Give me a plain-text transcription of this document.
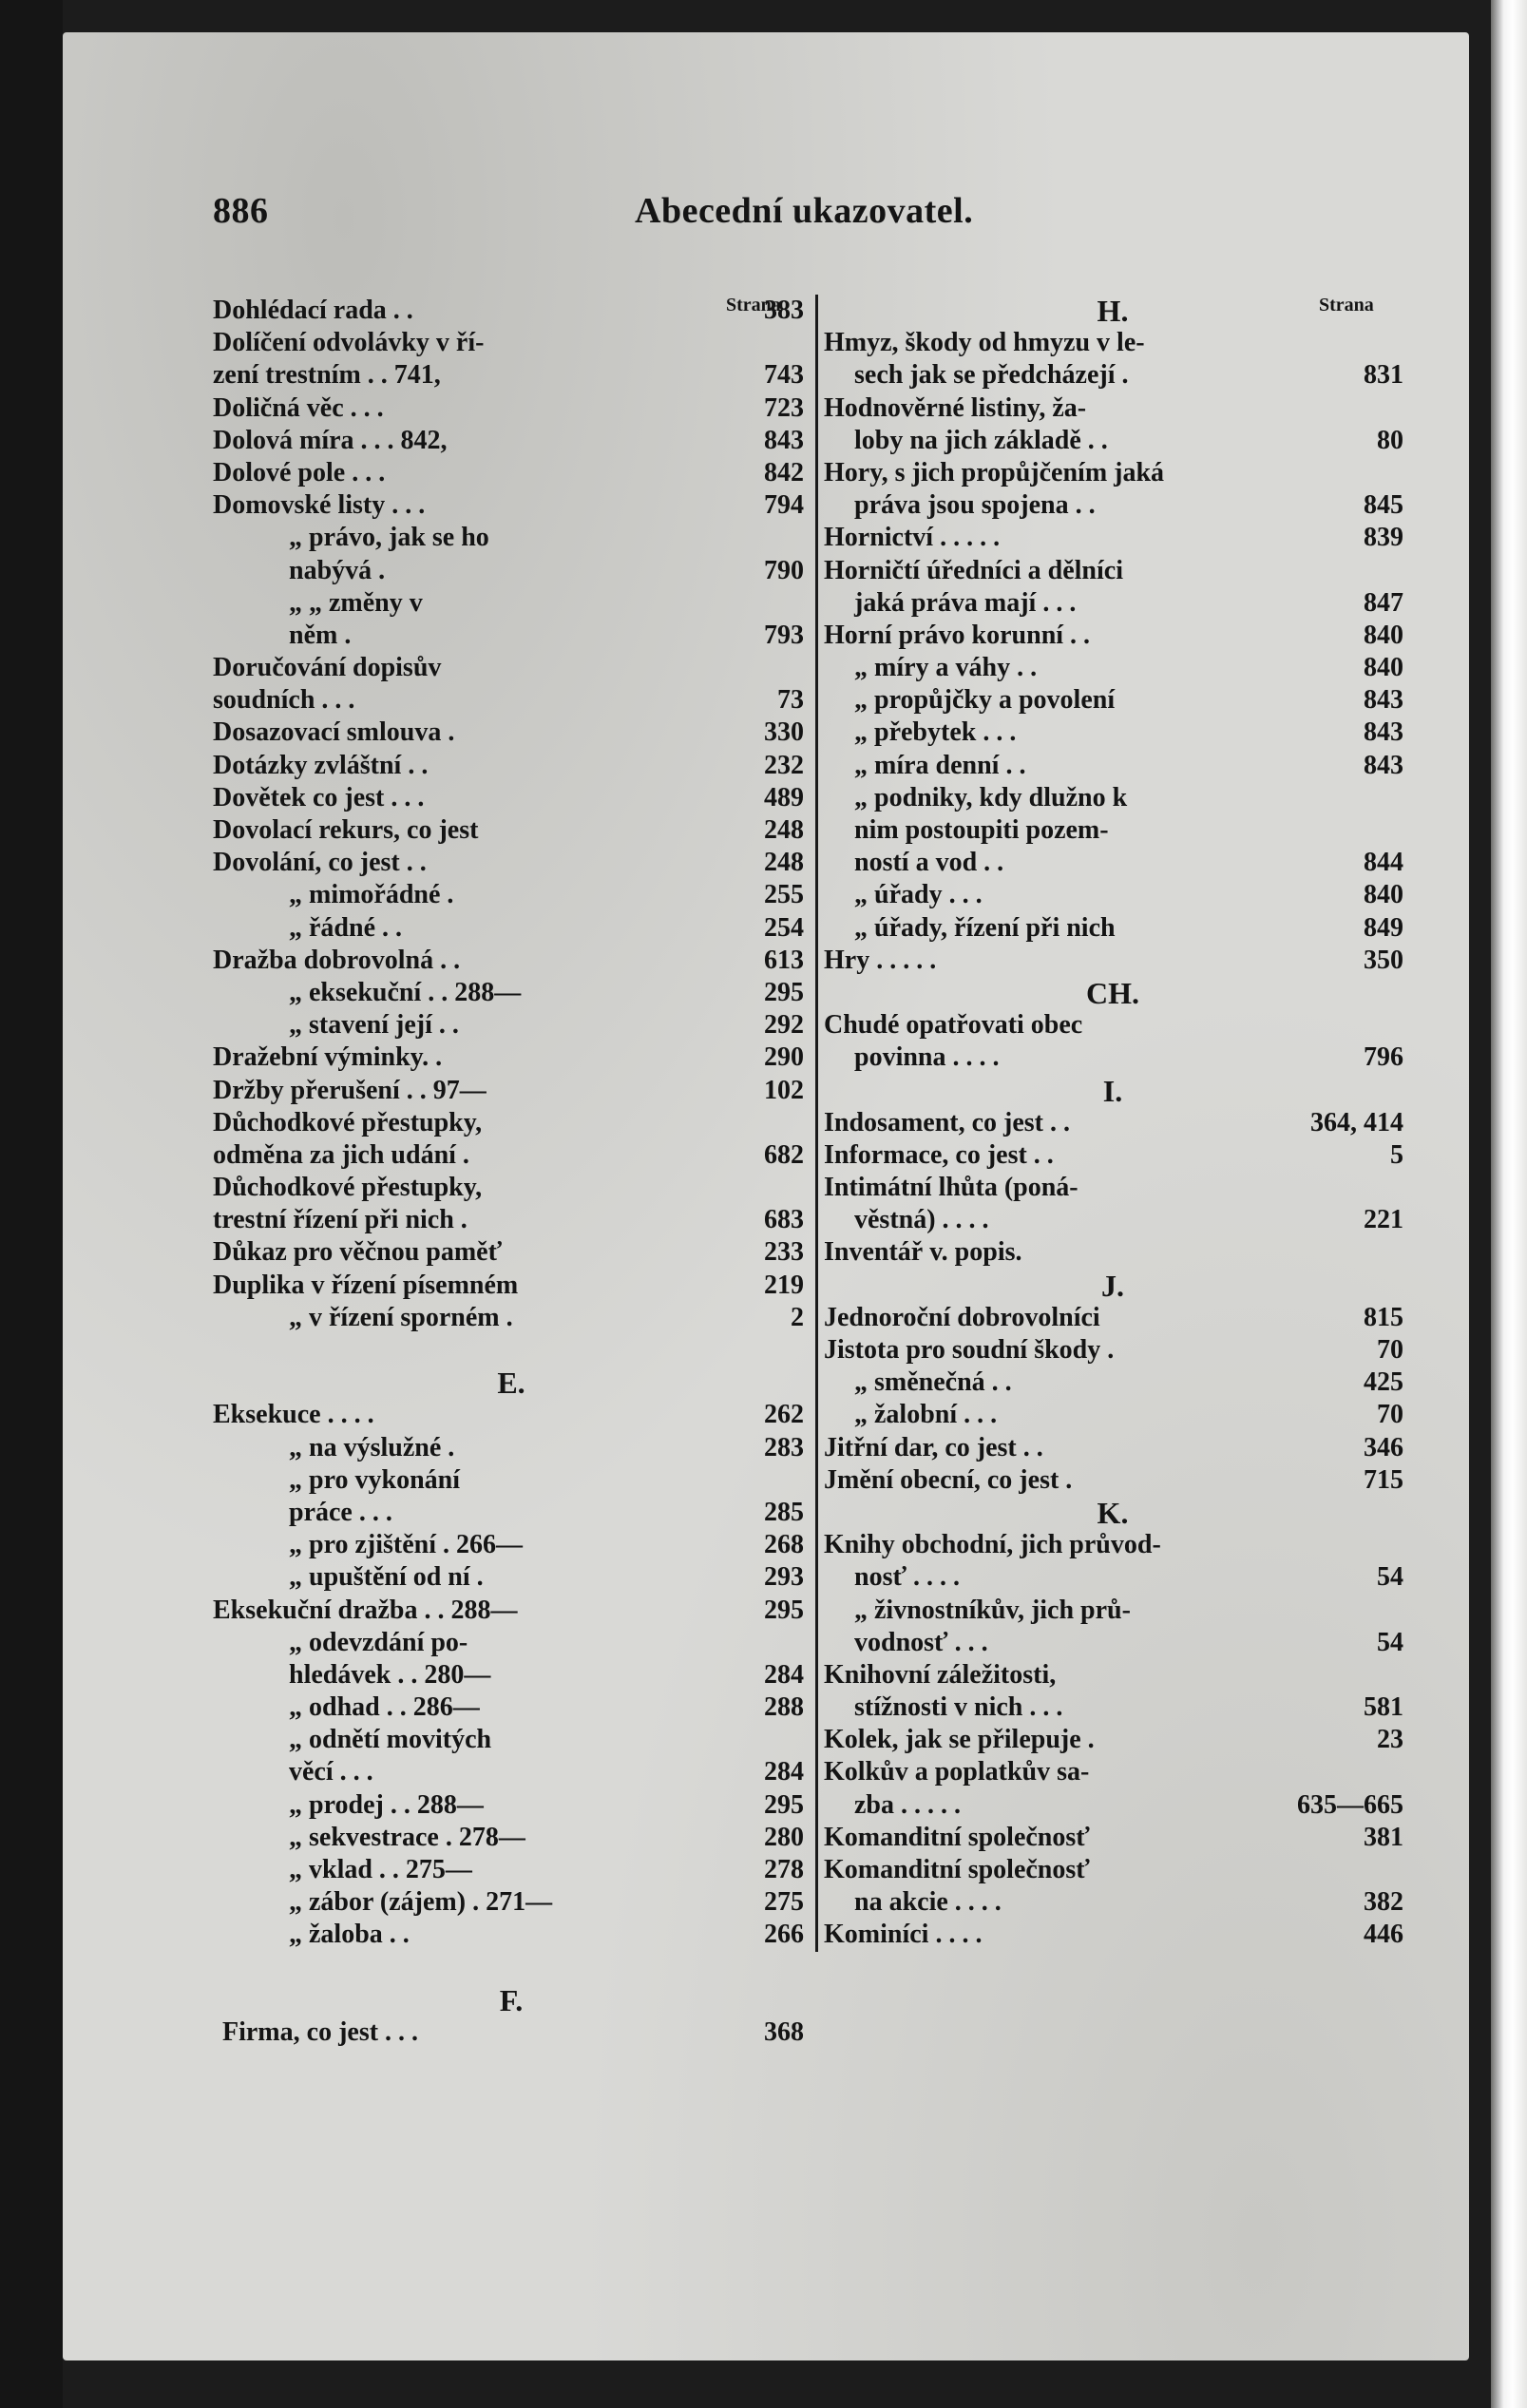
886	Abecední ukazovatel.
Strana	Strana
Dohlédací rada . .	383
Dolíčení odvolávky v ří-
zení trestním . . 741,	743
Doličná věc . . .	723
Dolová míra . . . 842,	843
Dolové pole . . .	842
Domovské listy . . .	794
„ právo, jak se ho
nabývá .	790
„ „ změny v
něm .	793
Doručování dopisův
soudních . . .	73
Dosazovací smlouva .	330
Dotázky zvláštní . .	232
Dovětek co jest . . .	489
Dovolací rekurs, co jest	248
Dovolání, co jest . .	248
„ mimořádné .	255
„ řádné . .	254
Dražba dobrovolná . .	613
„ eksekuční . . 288—	295
„ stavení její . .	292
Dražební výminky. .	290
Držby přerušení . . 97—	102
Důchodkové přestupky,
odměna za jich udání .	682
Důchodkové přestupky,
trestní řízení při nich .	683
Důkaz pro věčnou paměť	233
Duplika v řízení písemném	219
„ v řízení sporném .	2
E.
Eksekuce . . . .	262
„ na výslužné .	283
„ pro vykonání
práce . . .	285
„ pro zjištění . 266—	268
„ upuštění od ní .	293
Eksekuční dražba . . 288—	295
„ odevzdání po-
hledávek . . 280—	284
„ odhad . . 286—	288
„ odnětí movitých
věcí . . .	284
„ prodej . . 288—	295
„ sekvestrace . 278—	280
„ vklad . . 275—	278
„ zábor (zájem) . 271—	275
„ žaloba . .	266
F.
Firma, co jest . . .	368
H.
Hmyz, škody od hmyzu v le-
sech jak se předcházejí .	831
Hodnověrné listiny, ža-
loby na jich základě . .	80
Hory, s jich propůjčením jaká
práva jsou spojena . .	845
Hornictví . . . . .	839
Horničtí úředníci a dělníci
jaká práva mají . . .	847
Horní právo korunní . .	840
„ míry a váhy . .	840
„ propůjčky a povolení	843
„ přebytek . . .	843
„ míra denní . .	843
„ podniky, kdy dlužno k
nim postoupiti pozem-
ností a vod . .	844
„ úřady . . .	840
„ úřady, řízení při nich	849
Hry . . . . .	350
CH.
Chudé opatřovati obec
povinna . . . .	796
I.
Indosament, co jest . .	364, 414
Informace, co jest . .	5
Intimátní lhůta (poná-
věstná) . . . .	221
Inventář v. popis.
J.
Jednoroční dobrovolníci	815
Jistota pro soudní škody .	70
„ směnečná . .	425
„ žalobní . . .	70
Jitřní dar, co jest . .	346
Jmění obecní, co jest .	715
K.
Knihy obchodní, jich průvod-
nosť . . . .	54
„ živnostníkův, jich prů-
vodnosť . . .	54
Knihovní záležitosti,
stížnosti v nich . . .	581
Kolek, jak se přilepuje .	23
Kolkův a poplatkův sa-
zba . . . . .	635—665
Komanditní společnosť	381
Komanditní společnosť
na akcie . . . .	382
Kominíci . . . .	446
